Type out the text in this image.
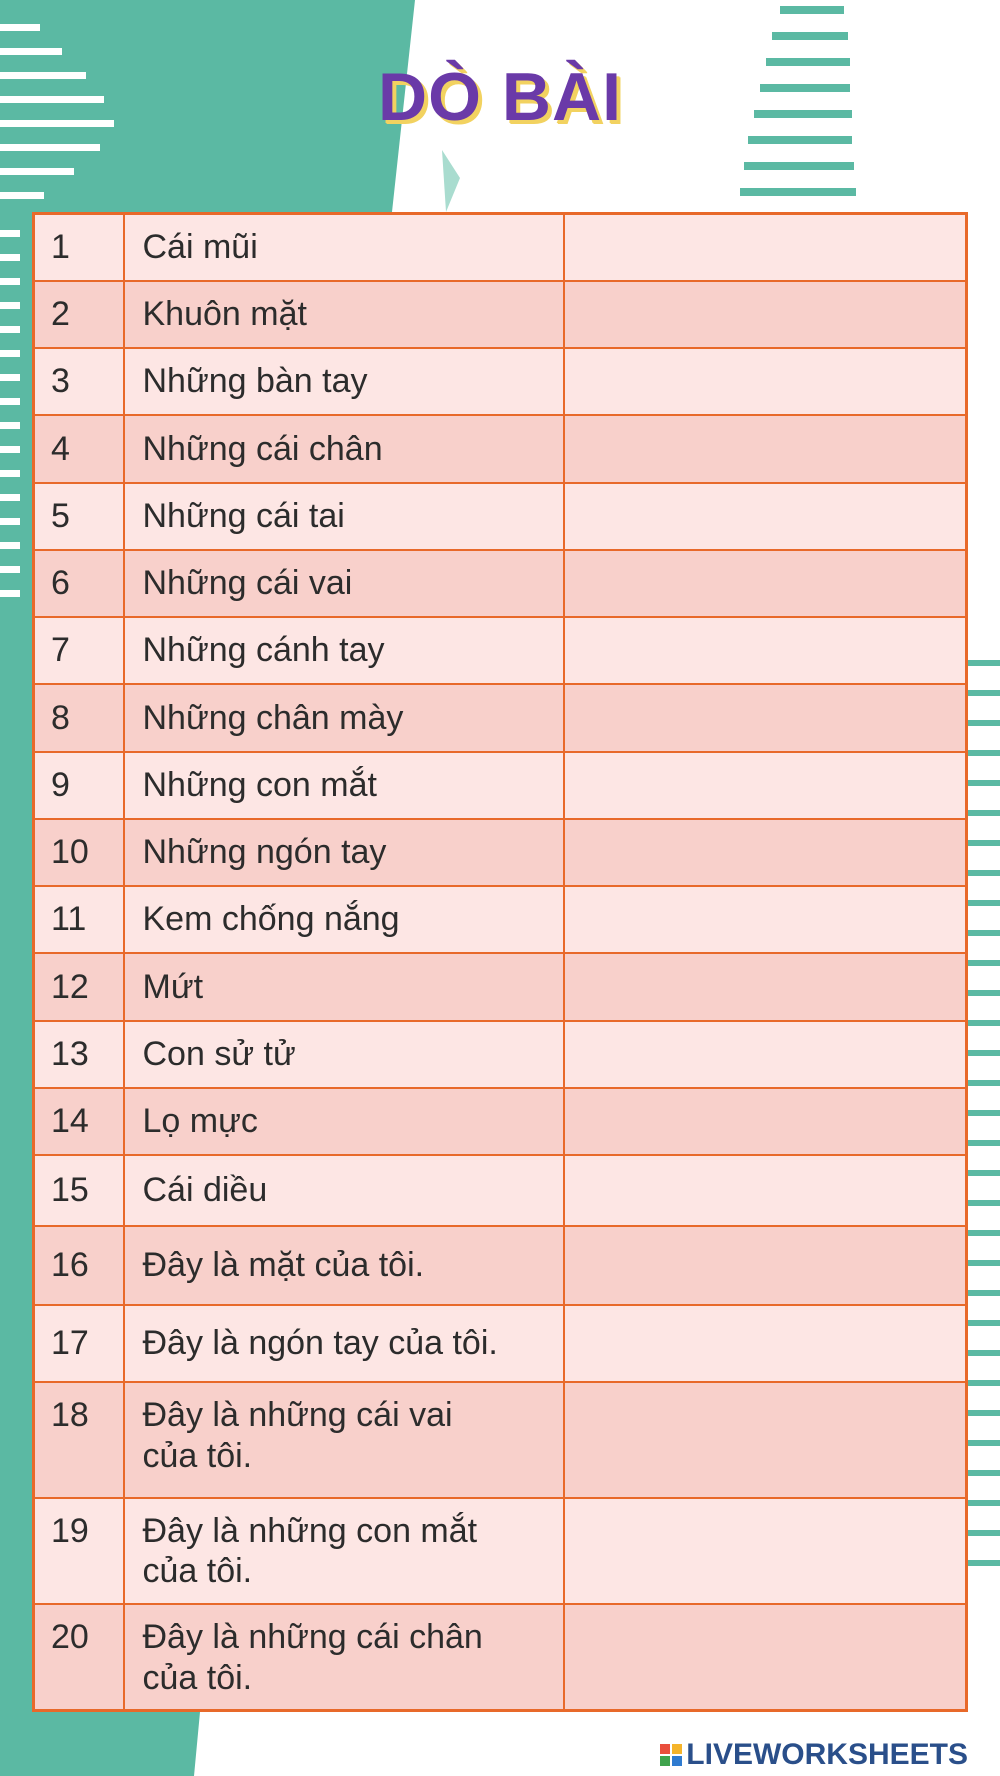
DÒ BÀI
1	Cái mũi	
2	Khuôn mặt	
3	Những bàn tay	
4	Những cái chân	
5	Những cái tai	
6	Những cái vai	
7	Những cánh tay	
8	Những chân mày	
9	Những con mắt	
10	Những ngón tay	
11	Kem chống nắng	
12	Mứt	
13	Con sử tử	
14	Lọ mực	
15	Cái diều	
16	Đây là mặt của tôi.	
17	Đây là ngón tay của tôi.	
18	Đây là những cái vai
của tôi.	
19	Đây là những con mắt
của tôi.	
20	Đây là những cái chân
của tôi.	
LIVEWORKSHEETS
